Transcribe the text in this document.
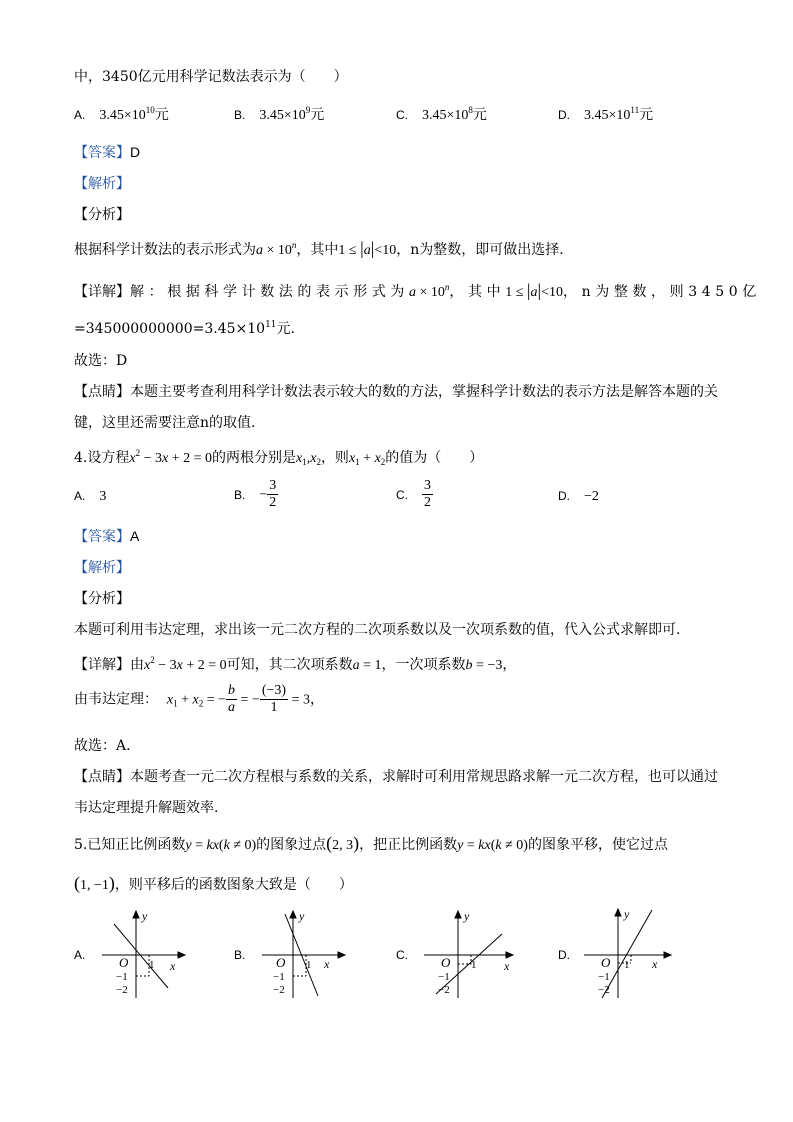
中，3450亿元用科学记数法表示为（　　）
A. $3.45\times 10^{10}$元	B. $3.45\times 10^9$元	C. $3.45\times 10^8$元	D. $3.45\times 10^{11}$元
【答案】D
【解析】
【分析】
根据科学计数法的表示形式为$a \times 10^n$，其中1 ≤ |a|<10，n为整数，即可做出选择.
【详解】解：根据科学计数法的表示形式为$a \times 10^n$，其中1 ≤ |a|<10，n为整数，则3450亿
$=345000000000=3.45\times 10^{11}$元.
故选：D
【点睛】本题主要考查利用科学计数法表示较大的数的方法，掌握科学计数法的表示方法是解答本题的关
键，这里还需要注意n的取值.
4.设方程$x^2 - 3x + 2 = 0$的两根分别是$x_1,x_2$，则$x_1 + x_2$的值为（　　）
A. 3	B. − $\frac{3}{2}$	C. $\frac{3}{2}$	D. −2
【答案】A
【解析】
【分析】
本题可利用韦达定理，求出该一元二次方程的二次项系数以及一次项系数的值，代入公式求解即可.
【详解】由$x^2 - 3x + 2 = 0$可知，其二次项系数a = 1，一次项系数b = −3，
由韦达定理： $x_1 + x_2$ = − $\frac{b}{a}$ = − $\frac{(-3)}{1} = 3$，
故选：A.
【点睛】本题考查一元二次方程根与系数的关系，求解时可利用常规思路求解一元二次方程，也可以通过
韦达定理提升解题效率.
5.已知正比例函数y = kx(k ≠ 0)的图象过点(2, 3)，把正比例函数y = kx(k ≠ 0)的图象平移，使它过点
(1, −1)，则平移后的函数图象大致是（　　）
A.	B.	C.	D.
y
x
O 1
−1
−2
y
x
O 1
−1
−2
y
x
O 1
−1
−2
y
x
O 1
−1
−2
